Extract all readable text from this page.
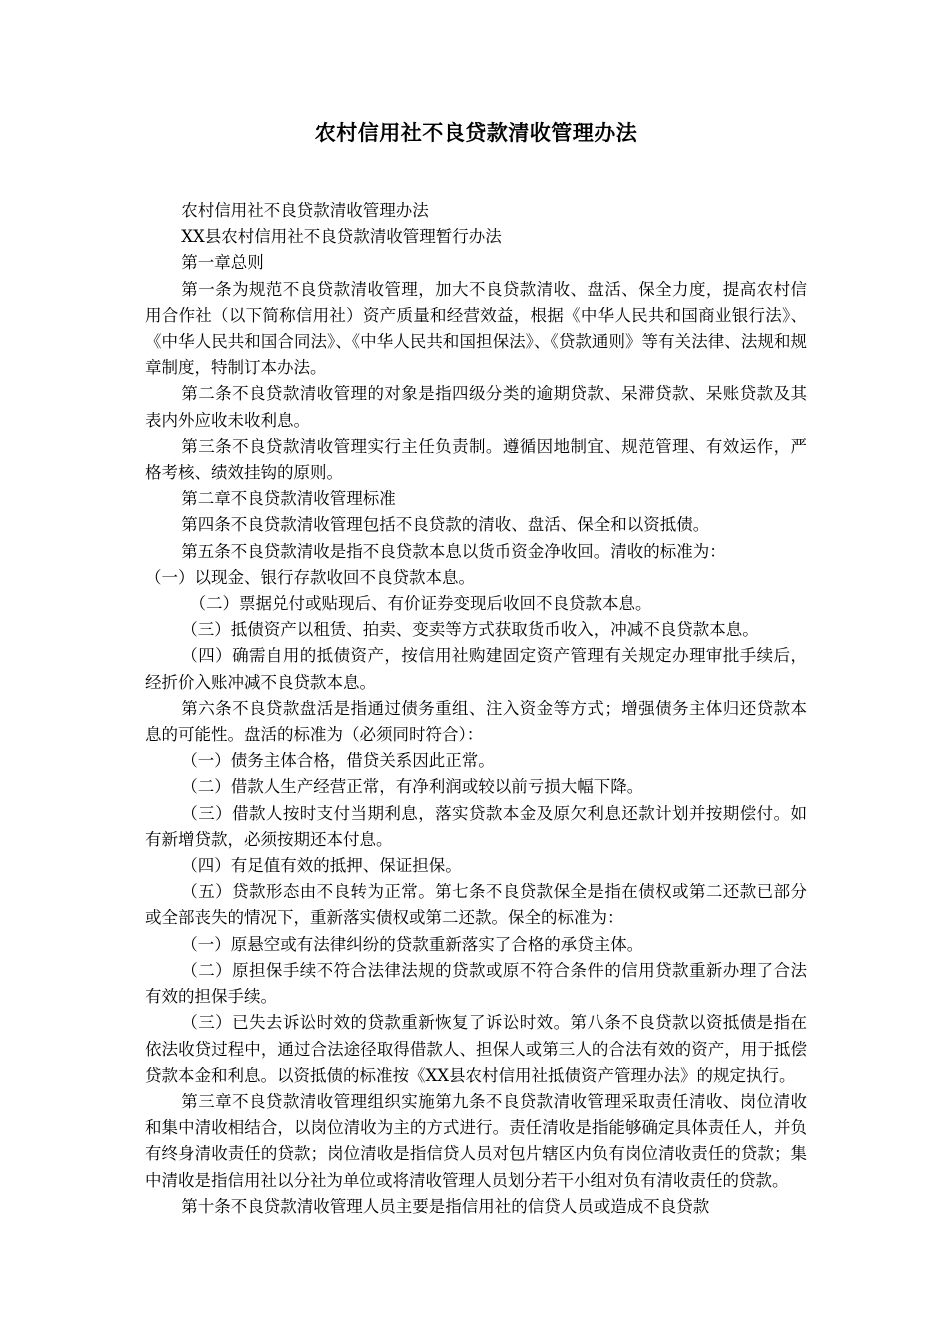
农村信用社不良贷款清收管理办法

农村信用社不良贷款清收管理办法

XX县农村信用社不良贷款清收管理暂行办法

第一章总则

第一条为规范不良贷款清收管理，加大不良贷款清收、盘活、保全力度，提高农村信用合作社（以下简称信用社）资产质量和经营效益，根据《中华人民共和国商业银行法》、《中华人民共和国合同法》、《中华人民共和国担保法》、《贷款通则》等有关法律、法规和规章制度，特制订本办法。

第二条不良贷款清收管理的对象是指四级分类的逾期贷款、呆滞贷款、呆账贷款及其表内外应收未收利息。

第三条不良贷款清收管理实行主任负责制。遵循因地制宜、规范管理、有效运作，严格考核、绩效挂钩的原则。

第二章不良贷款清收管理标准

第四条不良贷款清收管理包括不良贷款的清收、盘活、保全和以资抵债。

第五条不良贷款清收是指不良贷款本息以货币资金净收回。清收的标准为：

（一）以现金、银行存款收回不良贷款本息。

（二）票据兑付或贴现后、有价证券变现后收回不良贷款本息。

（三）抵债资产以租赁、拍卖、变卖等方式获取货币收入，冲减不良贷款本息。

（四）确需自用的抵债资产，按信用社购建固定资产管理有关规定办理审批手续后，经折价入账冲减不良贷款本息。

第六条不良贷款盘活是指通过债务重组、注入资金等方式；增强债务主体归还贷款本息的可能性。盘活的标准为（必须同时符合）：

（一）债务主体合格，借贷关系因此正常。

（二）借款人生产经营正常，有净利润或较以前亏损大幅下降。

（三）借款人按时支付当期利息，落实贷款本金及原欠利息还款计划并按期偿付。如有新增贷款，必须按期还本付息。

（四）有足值有效的抵押、保证担保。

（五）贷款形态由不良转为正常。第七条不良贷款保全是指在债权或第二还款已部分或全部丧失的情况下，重新落实债权或第二还款。保全的标准为：

（一）原悬空或有法律纠纷的贷款重新落实了合格的承贷主体。

（二）原担保手续不符合法律法规的贷款或原不符合条件的信用贷款重新办理了合法有效的担保手续。

（三）已失去诉讼时效的贷款重新恢复了诉讼时效。第八条不良贷款以资抵债是指在依法收贷过程中，通过合法途径取得借款人、担保人或第三人的合法有效的资产，用于抵偿贷款本金和利息。以资抵债的标准按《XX县农村信用社抵债资产管理办法》的规定执行。

第三章不良贷款清收管理组织实施第九条不良贷款清收管理采取责任清收、岗位清收和集中清收相结合，以岗位清收为主的方式进行。责任清收是指能够确定具体责任人，并负有终身清收责任的贷款；岗位清收是指信贷人员对包片辖区内负有岗位清收责任的贷款；集中清收是指信用社以分社为单位或将清收管理人员划分若干小组对负有清收责任的贷款。

第十条不良贷款清收管理人员主要是指信用社的信贷人员或造成不良贷款
